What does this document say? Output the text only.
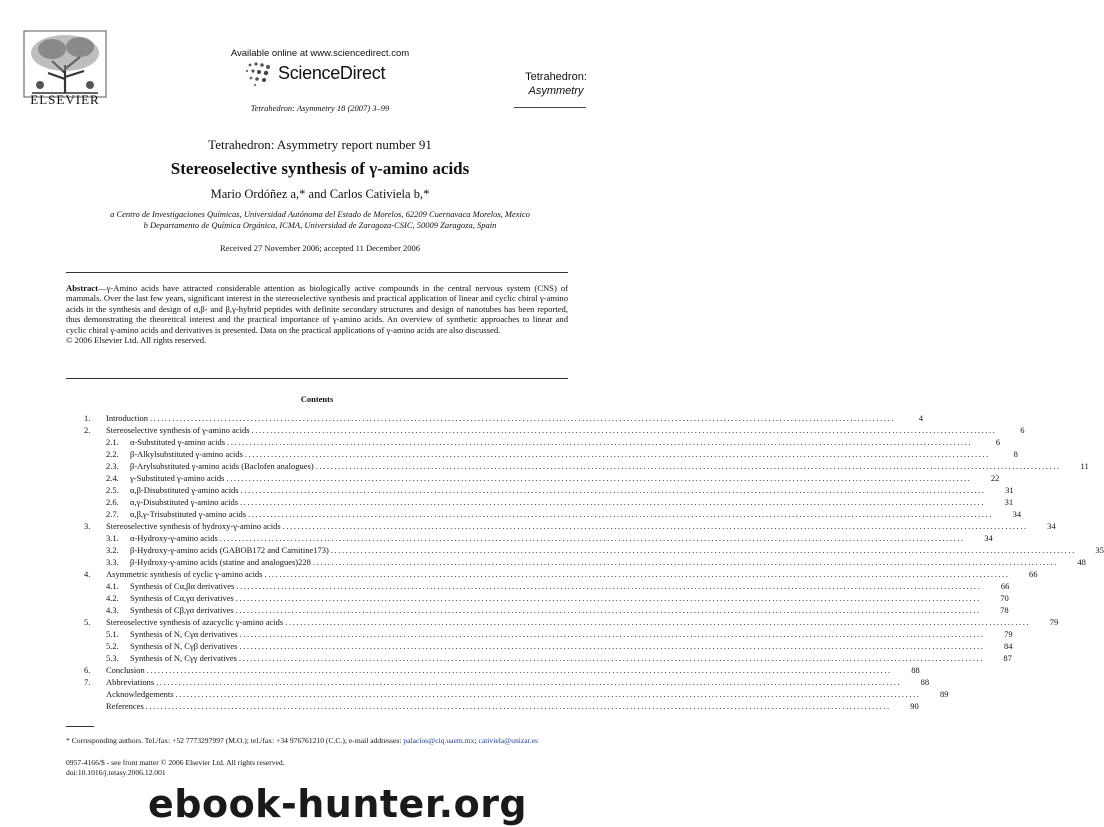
ELSEVIER
Available online at www.sciencedirect.com
ScienceDirect
Tetrahedron: Asymmetry 18 (2007) 3–99
Tetrahedron:
Asymmetry
Tetrahedron: Asymmetry report number 91
Stereoselective synthesis of γ-amino acids
Mario Ordóñez a,* and Carlos Cativiela b,*
a Centro de Investigaciones Químicas, Universidad Autónoma del Estado de Morelos, 62209 Cuernavaca Morelos, Mexico
b Departamento de Química Orgánica, ICMA, Universidad de Zaragoza-CSIC, 50009 Zaragoza, Spain
Received 27 November 2006; accepted 11 December 2006
Abstract—γ-Amino acids have attracted considerable attention as biologically active compounds in the central nervous system (CNS) of mammals. Over the last few years, significant interest in the stereoselective synthesis and practical application of linear and cyclic chiral γ-amino acids in the synthesis and design of α,β- and β,γ-hybrid peptides with definite secondary structures and design of nanotubes has been reported, thus demonstrating the theoretical interest and the practical importance of γ-amino acids. An overview of synthetic approaches to linear and cyclic chiral γ-amino acids and derivatives is presented. Data on the practical applications of γ-amino acids are also discussed.
© 2006 Elsevier Ltd. All rights reserved.
Contents
1.	Introduction ........................................................................................................................................................................................................	4
2.	Stereoselective synthesis of γ-amino acids ........................................................................................................................................................................................................	6
2.1.	α-Substituted γ-amino acids ........................................................................................................................................................................................................	6
2.2.	β-Alkylsubstituted γ-amino acids ........................................................................................................................................................................................................	8
2.3.	β-Arylsubstituted γ-amino acids (Baclofen analogues) ........................................................................................................................................................................................................	11
2.4.	γ-Substituted γ-amino acids ........................................................................................................................................................................................................	22
2.5.	α,β-Disubstituted γ-amino acids ........................................................................................................................................................................................................	31
2.6.	α,γ-Disubstituted γ-amino acids ........................................................................................................................................................................................................	31
2.7.	α,β,γ-Trisubstituted γ-amino acids ........................................................................................................................................................................................................	34
3.	Stereoselective synthesis of hydroxy-γ-amino acids ........................................................................................................................................................................................................	34
3.1.	α-Hydroxy-γ-amino acids ........................................................................................................................................................................................................	34
3.2.	β-Hydroxy-γ-amino acids (GABOB172 and Carnitine173) ........................................................................................................................................................................................................	35
3.3.	β-Hydroxy-γ-amino acids (statine and analogues)228 ........................................................................................................................................................................................................	48
4.	Asymmetric synthesis of cyclic γ-amino acids ........................................................................................................................................................................................................	66
4.1.	Synthesis of Cα,βα derivatives ........................................................................................................................................................................................................	66
4.2.	Synthesis of Cα,γα derivatives ........................................................................................................................................................................................................	70
4.3.	Synthesis of Cβ,γα derivatives ........................................................................................................................................................................................................	78
5.	Stereoselective synthesis of azacyclic γ-amino acids ........................................................................................................................................................................................................	79
5.1.	Synthesis of N, Cγα derivatives ........................................................................................................................................................................................................	79
5.2.	Synthesis of N, Cγβ derivatives ........................................................................................................................................................................................................	84
5.3.	Synthesis of N, Cγγ derivatives ........................................................................................................................................................................................................	87
6.	Conclusion ........................................................................................................................................................................................................	88
7.	Abbreviations ........................................................................................................................................................................................................	88
Acknowledgements ........................................................................................................................................................................................................	89
References ........................................................................................................................................................................................................	90
* Corresponding authors. Tel./fax: +52 7773297997 (M.O.); tel./fax: +34 976761210 (C.C.); e-mail addresses: palacios@ciq.uaem.mx; cativiela@unizar.es
0957-4166/$ - see front matter © 2006 Elsevier Ltd. All rights reserved.
doi:10.1016/j.tetasy.2006.12.001
ebook-hunter.org
